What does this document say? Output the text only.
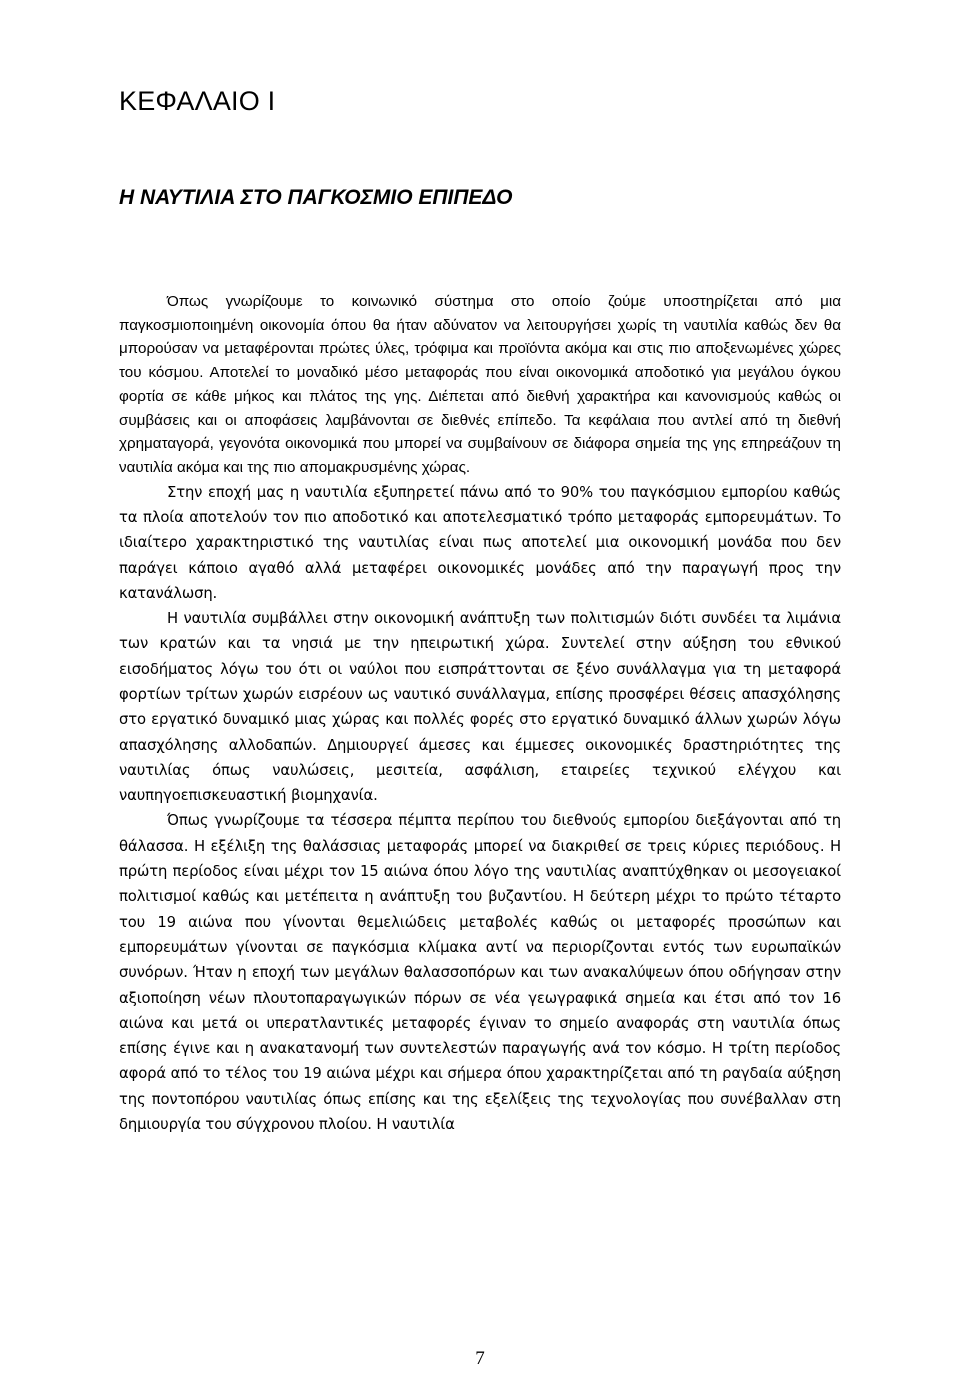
ΚΕΦΑΛΑΙΟ Ι
Η ΝΑΥΤΙΛΙΑ ΣΤΟ ΠΑΓΚΟΣΜΙΟ ΕΠΙΠΕΔΟ

Όπως γνωρίζουμε το κοινωνικό σύστημα στο οποίο ζούμε υποστηρίζεται από μια παγκοσμιοποιημένη οικονομία όπου θα ήταν αδύνατον να λειτουργήσει χωρίς τη ναυτιλία καθώς δεν θα μπορούσαν να μεταφέρονται πρώτες ύλες, τρόφιμα και προϊόντα ακόμα και στις πιο αποξενωμένες χώρες του κόσμου. Αποτελεί το μοναδικό μέσο μεταφοράς που είναι οικονομικά αποδοτικό για μεγάλου όγκου φορτία σε κάθε μήκος και πλάτος της γης. Διέπεται από διεθνή χαρακτήρα και κανονισμούς καθώς οι συμβάσεις και οι αποφάσεις λαμβάνονται σε διεθνές επίπεδο. Τα κεφάλαια που αντλεί από τη διεθνή χρηματαγορά, γεγονότα οικονομικά που μπορεί να συμβαίνουν σε διάφορα σημεία της γης επηρεάζουν τη ναυτιλία ακόμα και της πιο απομακρυσμένης χώρας.

Στην εποχή μας η ναυτιλία εξυπηρετεί πάνω από το 90% του παγκόσμιου εμπορίου καθώς τα πλοία αποτελούν τον πιο αποδοτικό και αποτελεσματικό τρόπο μεταφοράς εμπορευμάτων. Το ιδιαίτερο χαρακτηριστικό της ναυτιλίας είναι πως αποτελεί μια οικονομική μονάδα που δεν παράγει κάποιο αγαθό αλλά μεταφέρει οικονομικές μονάδες από την παραγωγή προς την κατανάλωση.

Η ναυτιλία συμβάλλει στην οικονομική ανάπτυξη των πολιτισμών διότι συνδέει τα λιμάνια των κρατών και τα νησιά με την ηπειρωτική χώρα. Συντελεί στην αύξηση του εθνικού εισοδήματος λόγω του ότι οι ναύλοι που εισπράττονται σε ξένο συνάλλαγμα για τη μεταφορά φορτίων τρίτων χωρών εισρέουν ως ναυτικό συνάλλαγμα, επίσης προσφέρει θέσεις απασχόλησης στο εργατικό δυναμικό μιας χώρας και πολλές φορές στο εργατικό δυναμικό άλλων χωρών λόγω απασχόλησης αλλοδαπών. Δημιουργεί άμεσες και έμμεσες οικονομικές δραστηριότητες της ναυτιλίας όπως ναυλώσεις, μεσιτεία, ασφάλιση, εταιρείες τεχνικού ελέγχου και ναυπηγοεπισκευαστική βιομηχανία.

Όπως γνωρίζουμε τα τέσσερα πέμπτα περίπου του διεθνούς εμπορίου διεξάγονται από τη θάλασσα. Η εξέλιξη της θαλάσσιας μεταφοράς μπορεί να διακριθεί σε τρεις κύριες περιόδους. Η πρώτη περίοδος είναι μέχρι τον 15 αιώνα όπου λόγο της ναυτιλίας αναπτύχθηκαν οι μεσογειακοί πολιτισμοί καθώς και μετέπειτα η ανάπτυξη του βυζαντίου. Η δεύτερη μέχρι το πρώτο τέταρτο του 19 αιώνα που γίνονται θεμελιώδεις μεταβολές καθώς οι μεταφορές προσώπων και εμπορευμάτων γίνονται σε παγκόσμια κλίμακα αντί να περιορίζονται εντός των ευρωπαϊκών συνόρων. Ήταν η εποχή των μεγάλων θαλασσοπόρων και των ανακαλύψεων όπου οδήγησαν στην αξιοποίηση νέων πλουτοπαραγωγικών πόρων σε νέα γεωγραφικά σημεία και έτσι από τον 16 αιώνα και μετά οι υπερατλαντικές μεταφορές έγιναν το σημείο αναφοράς στη ναυτιλία όπως επίσης έγινε και η ανακατανομή των συντελεστών παραγωγής ανά τον κόσμο. Η τρίτη περίοδος αφορά από το τέλος του 19 αιώνα μέχρι και σήμερα όπου χαρακτηρίζεται από τη ραγδαία αύξηση της ποντοπόρου ναυτιλίας όπως επίσης και της εξελίξεις της τεχνολογίας που συνέβαλλαν στη δημιουργία του σύγχρονου πλοίου. Η ναυτιλία

7
